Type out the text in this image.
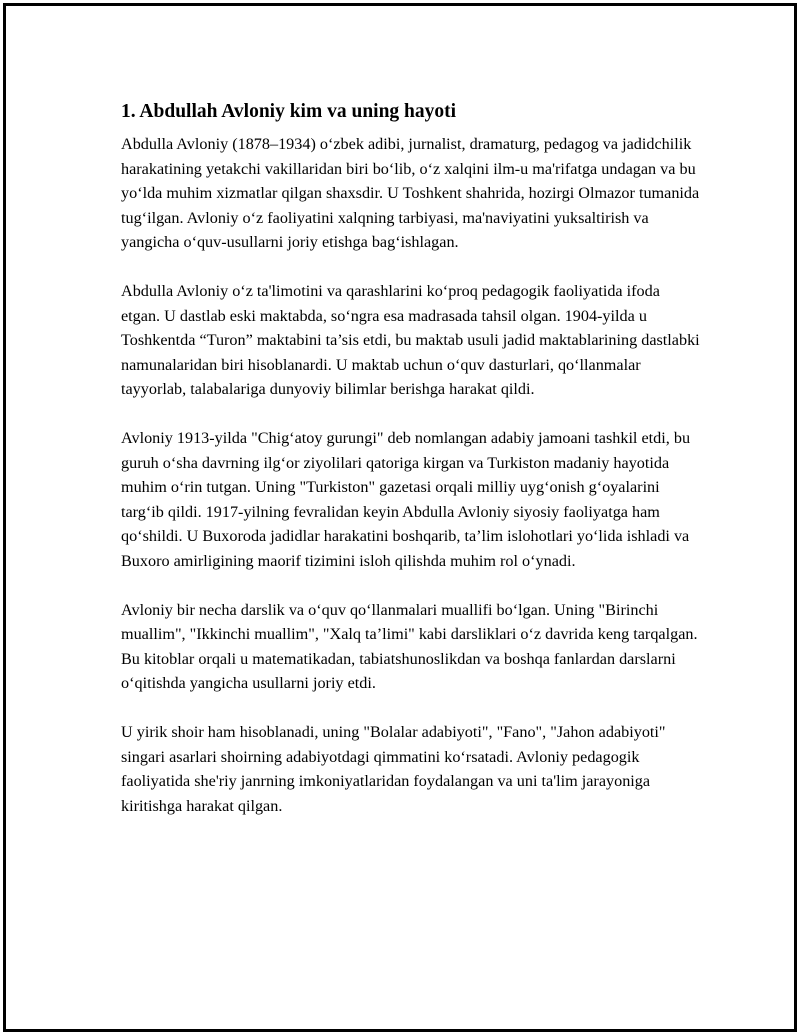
1. Abdullah Avloniy kim va uning hayoti

Abdulla Avloniy (1878–1934) o‘zbek adibi, jurnalist, dramaturg, pedagog va jadidchilik harakatining yetakchi vakillaridan biri bo‘lib, o‘z xalqini ilm-u ma'rifatga undagan va bu yo‘lda muhim xizmatlar qilgan shaxsdir. U Toshkent shahrida, hozirgi Olmazor tumanida tug‘ilgan. Avloniy o‘z faoliyatini xalqning tarbiyasi, ma'naviyatini yuksaltirish va yangicha o‘quv-usullarni joriy etishga bag‘ishlagan.

Abdulla Avloniy o‘z ta'limotini va qarashlarini ko‘proq pedagogik faoliyatida ifoda etgan. U dastlab eski maktabda, so‘ngra esa madrasada tahsil olgan. 1904-yilda u Toshkentda “Turon” maktabini ta’sis etdi, bu maktab usuli jadid maktablarining dastlabki namunalaridan biri hisoblanardi. U maktab uchun o‘quv dasturlari, qo‘llanmalar tayyorlab, talabalariga dunyoviy bilimlar berishga harakat qildi.

Avloniy 1913-yilda "Chig‘atoy gurungi" deb nomlangan adabiy jamoani tashkil etdi, bu guruh o‘sha davrning ilg‘or ziyolilari qatoriga kirgan va Turkiston madaniy hayotida muhim o‘rin tutgan. Uning "Turkiston" gazetasi orqali milliy uyg‘onish g‘oyalarini targ‘ib qildi. 1917-yilning fevralidan keyin Abdulla Avloniy siyosiy faoliyatga ham qo‘shildi. U Buxoroda jadidlar harakatini boshqarib, ta’lim islohotlari yo‘lida ishladi va Buxoro amirligining maorif tizimini isloh qilishda muhim rol o‘ynadi.

Avloniy bir necha darslik va o‘quv qo‘llanmalari muallifi bo‘lgan. Uning "Birinchi muallim", "Ikkinchi muallim", "Xalq ta’limi" kabi darsliklari o‘z davrida keng tarqalgan. Bu kitoblar orqali u matematikadan, tabiatshunoslikdan va boshqa fanlardan darslarni o‘qitishda yangicha usullarni joriy etdi.

U yirik shoir ham hisoblanadi, uning "Bolalar adabiyoti", "Fano", "Jahon adabiyoti" singari asarlari shoirning adabiyotdagi qimmatini ko‘rsatadi. Avloniy pedagogik faoliyatida she'riy janrning imkoniyatlaridan foydalangan va uni ta'lim jarayoniga kiritishga harakat qilgan.
